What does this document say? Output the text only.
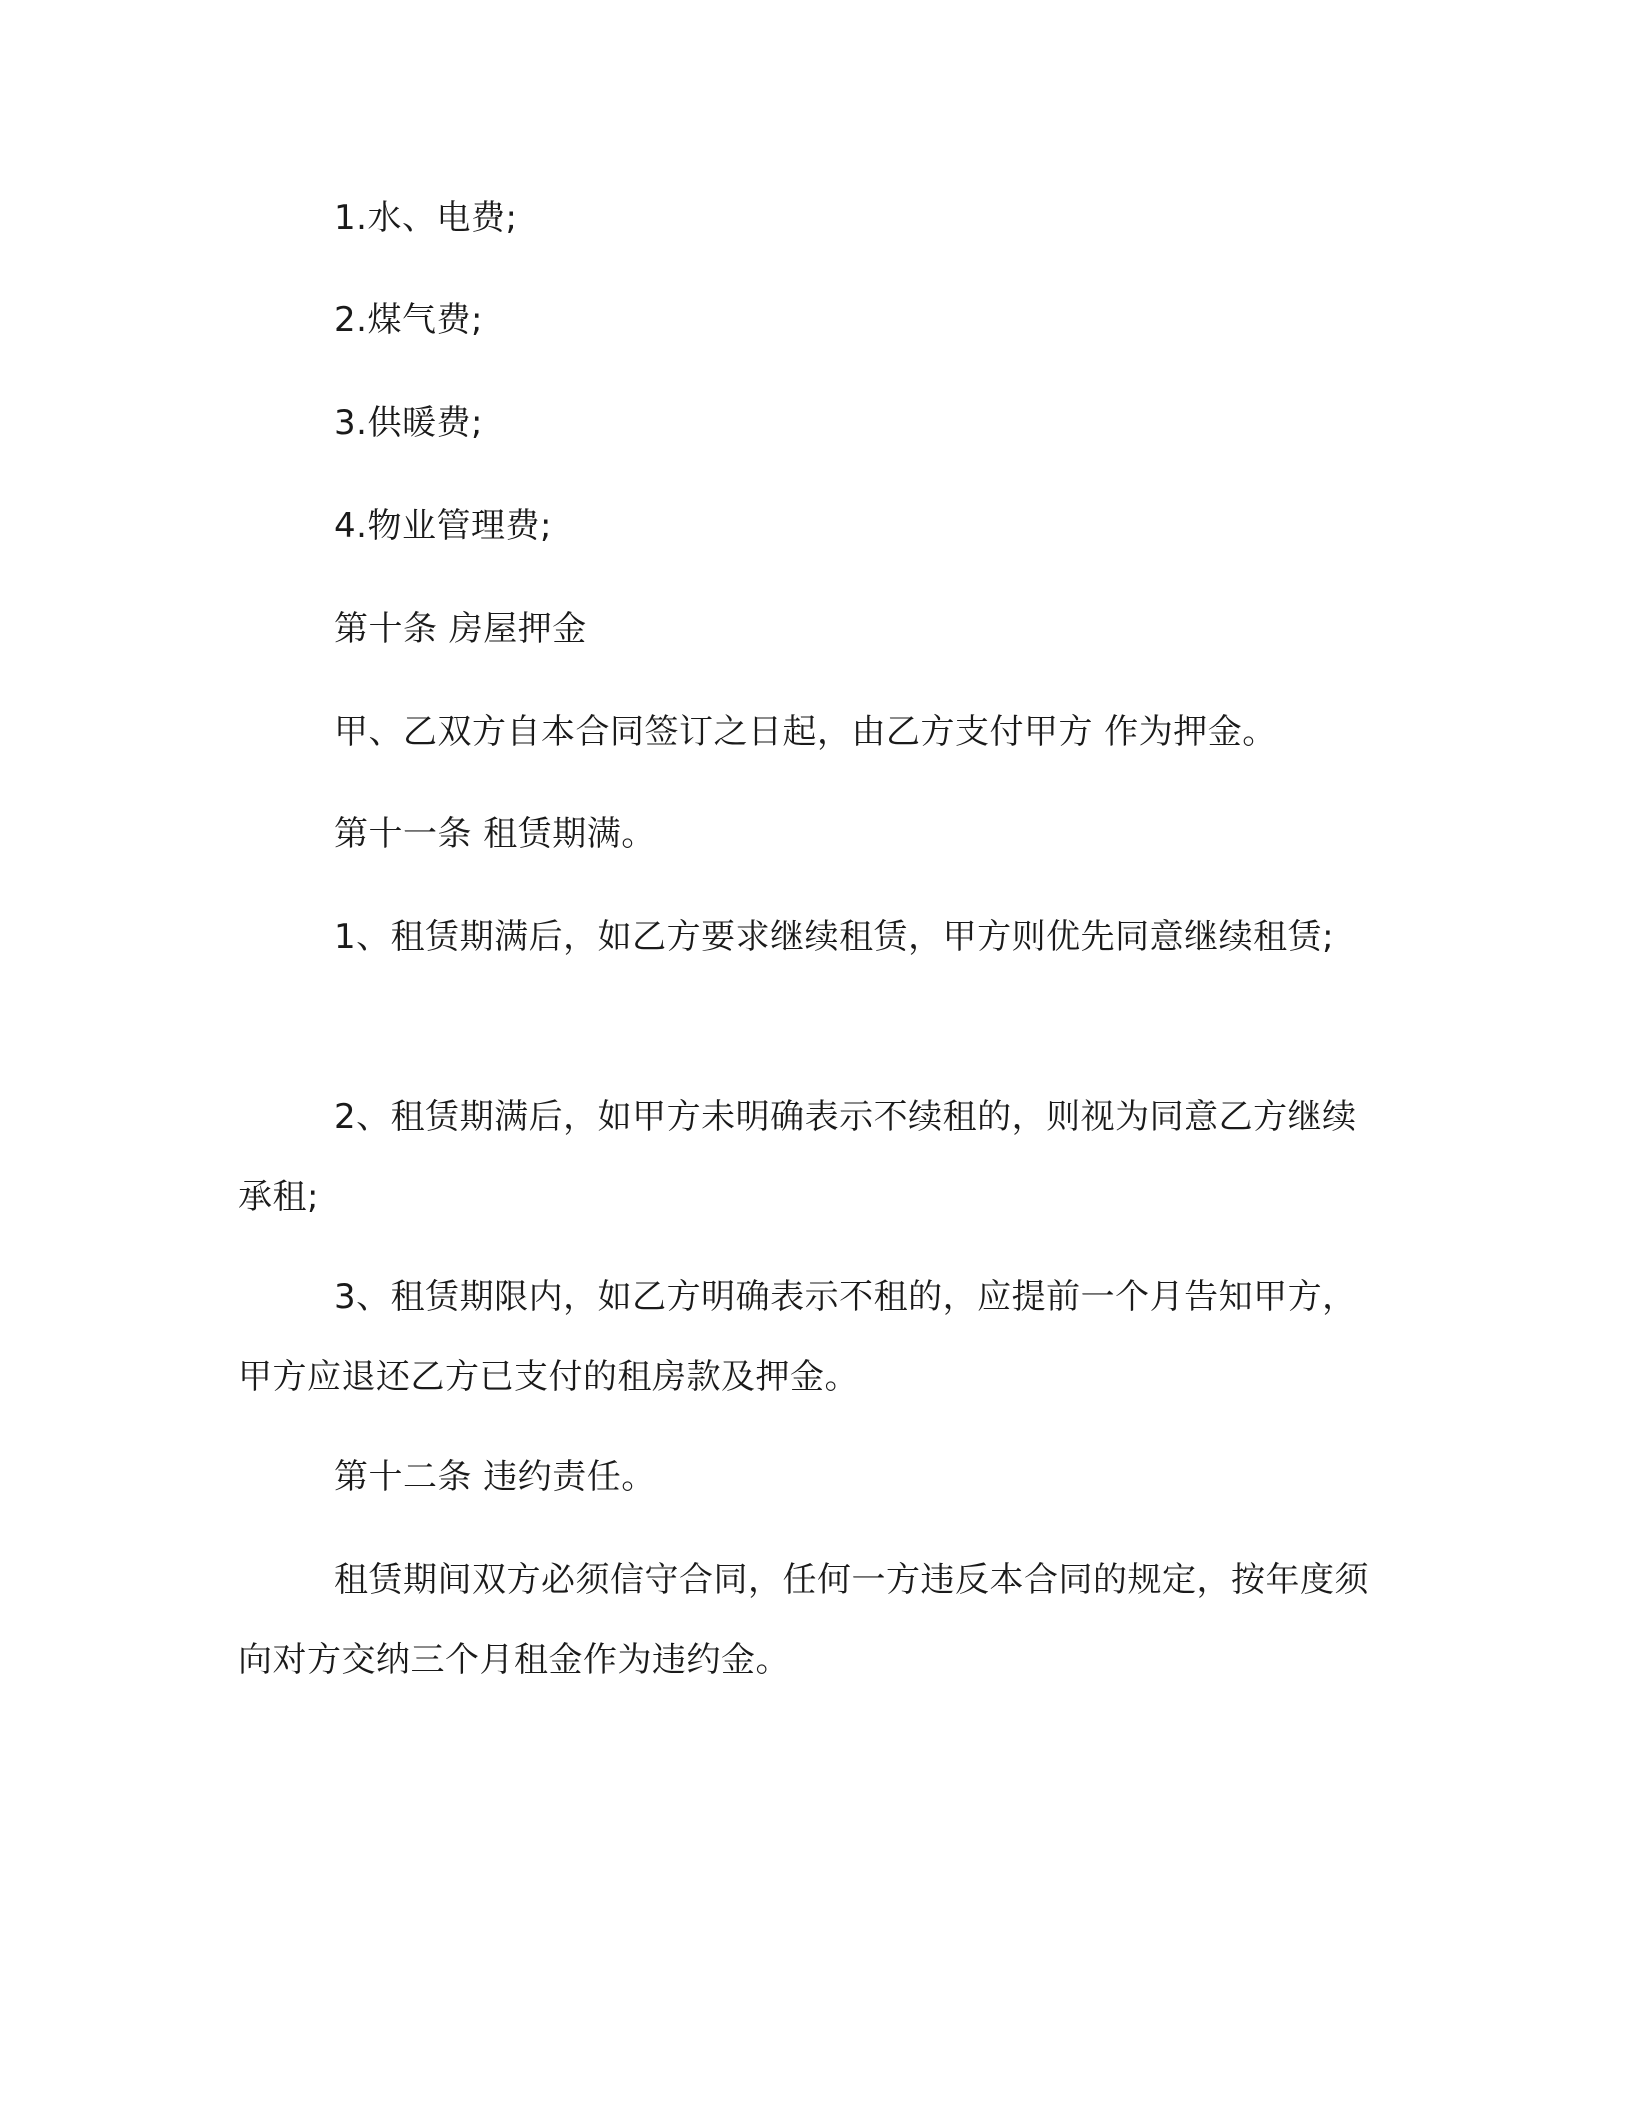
1.水、电费;

2.煤气费;

3.供暖费;

4.物业管理费;

第十条 房屋押金

甲、乙双方自本合同签订之日起，由乙方支付甲方 作为押金。

第十一条 租赁期满。

1、租赁期满后，如乙方要求继续租赁，甲方则优先同意继续租赁;

2、租赁期满后，如甲方未明确表示不续租的，则视为同意乙方继续承租;

3、租赁期限内，如乙方明确表示不租的，应提前一个月告知甲方，甲方应退还乙方已支付的租房款及押金。

第十二条 违约责任。

租赁期间双方必须信守合同，任何一方违反本合同的规定，按年度须向对方交纳三个月租金作为违约金。
